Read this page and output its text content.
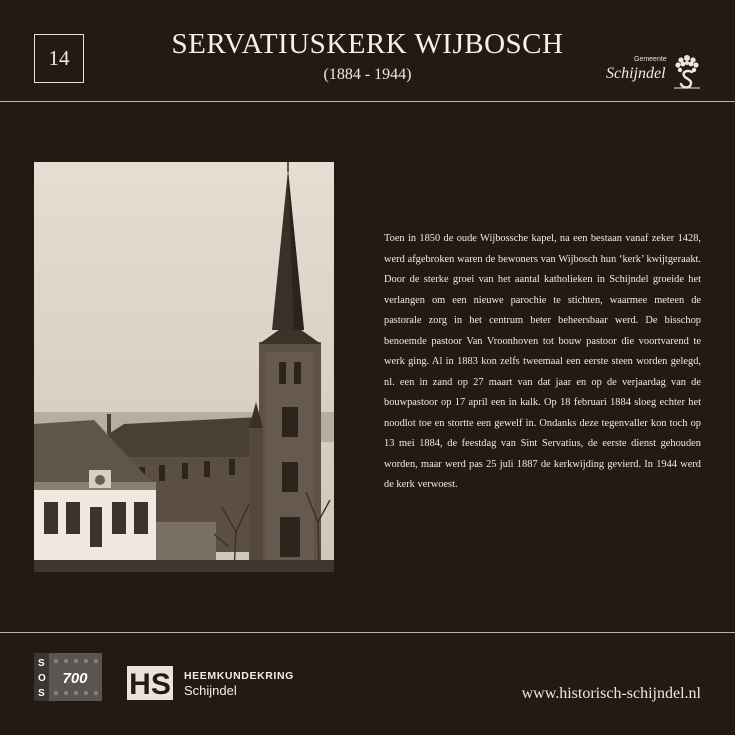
14	SERVATIUSKERK WIJBOSCH
(1884 - 1944)
Gemeente
Schijndel
Toen in 1850 de oude Wijbossche kapel, na een bestaan vanaf zeker 1428, werd afgebroken waren de bewoners van Wijbosch hun ‘kerk’ kwijtgeraakt. Door de sterke groei van het aantal katholieken in Schijndel groeide het verlangen om een nieuwe parochie te stichten, waarmee meteen de pastorale zorg in het centrum beter beheersbaar werd. De bisschop benoemde pastoor Van Vroonhoven tot bouw pastoor die voortvarend te werk ging. Al in 1883 kon zelfs tweemaal een eerste steen worden gelegd, nl. een in zand op 27 maart van dat jaar en op de verjaardag van de bouwpastoor op 17 april een in kalk. Op 18 februari 1884 sloeg echter het noodlot toe en stortte een gewelf in. Ondanks deze tegenvaller kon toch op 13 mei 1884, de feestdag van Sint Servatius, de eerste dienst gehouden worden, maar werd pas 25 juli 1887 de kerkwijding gevierd. In 1944 werd de kerk verwoest.
S
O
S
700 HS HEEMKUNDEKRING
Schijndel	www.historisch-schijndel.nl
